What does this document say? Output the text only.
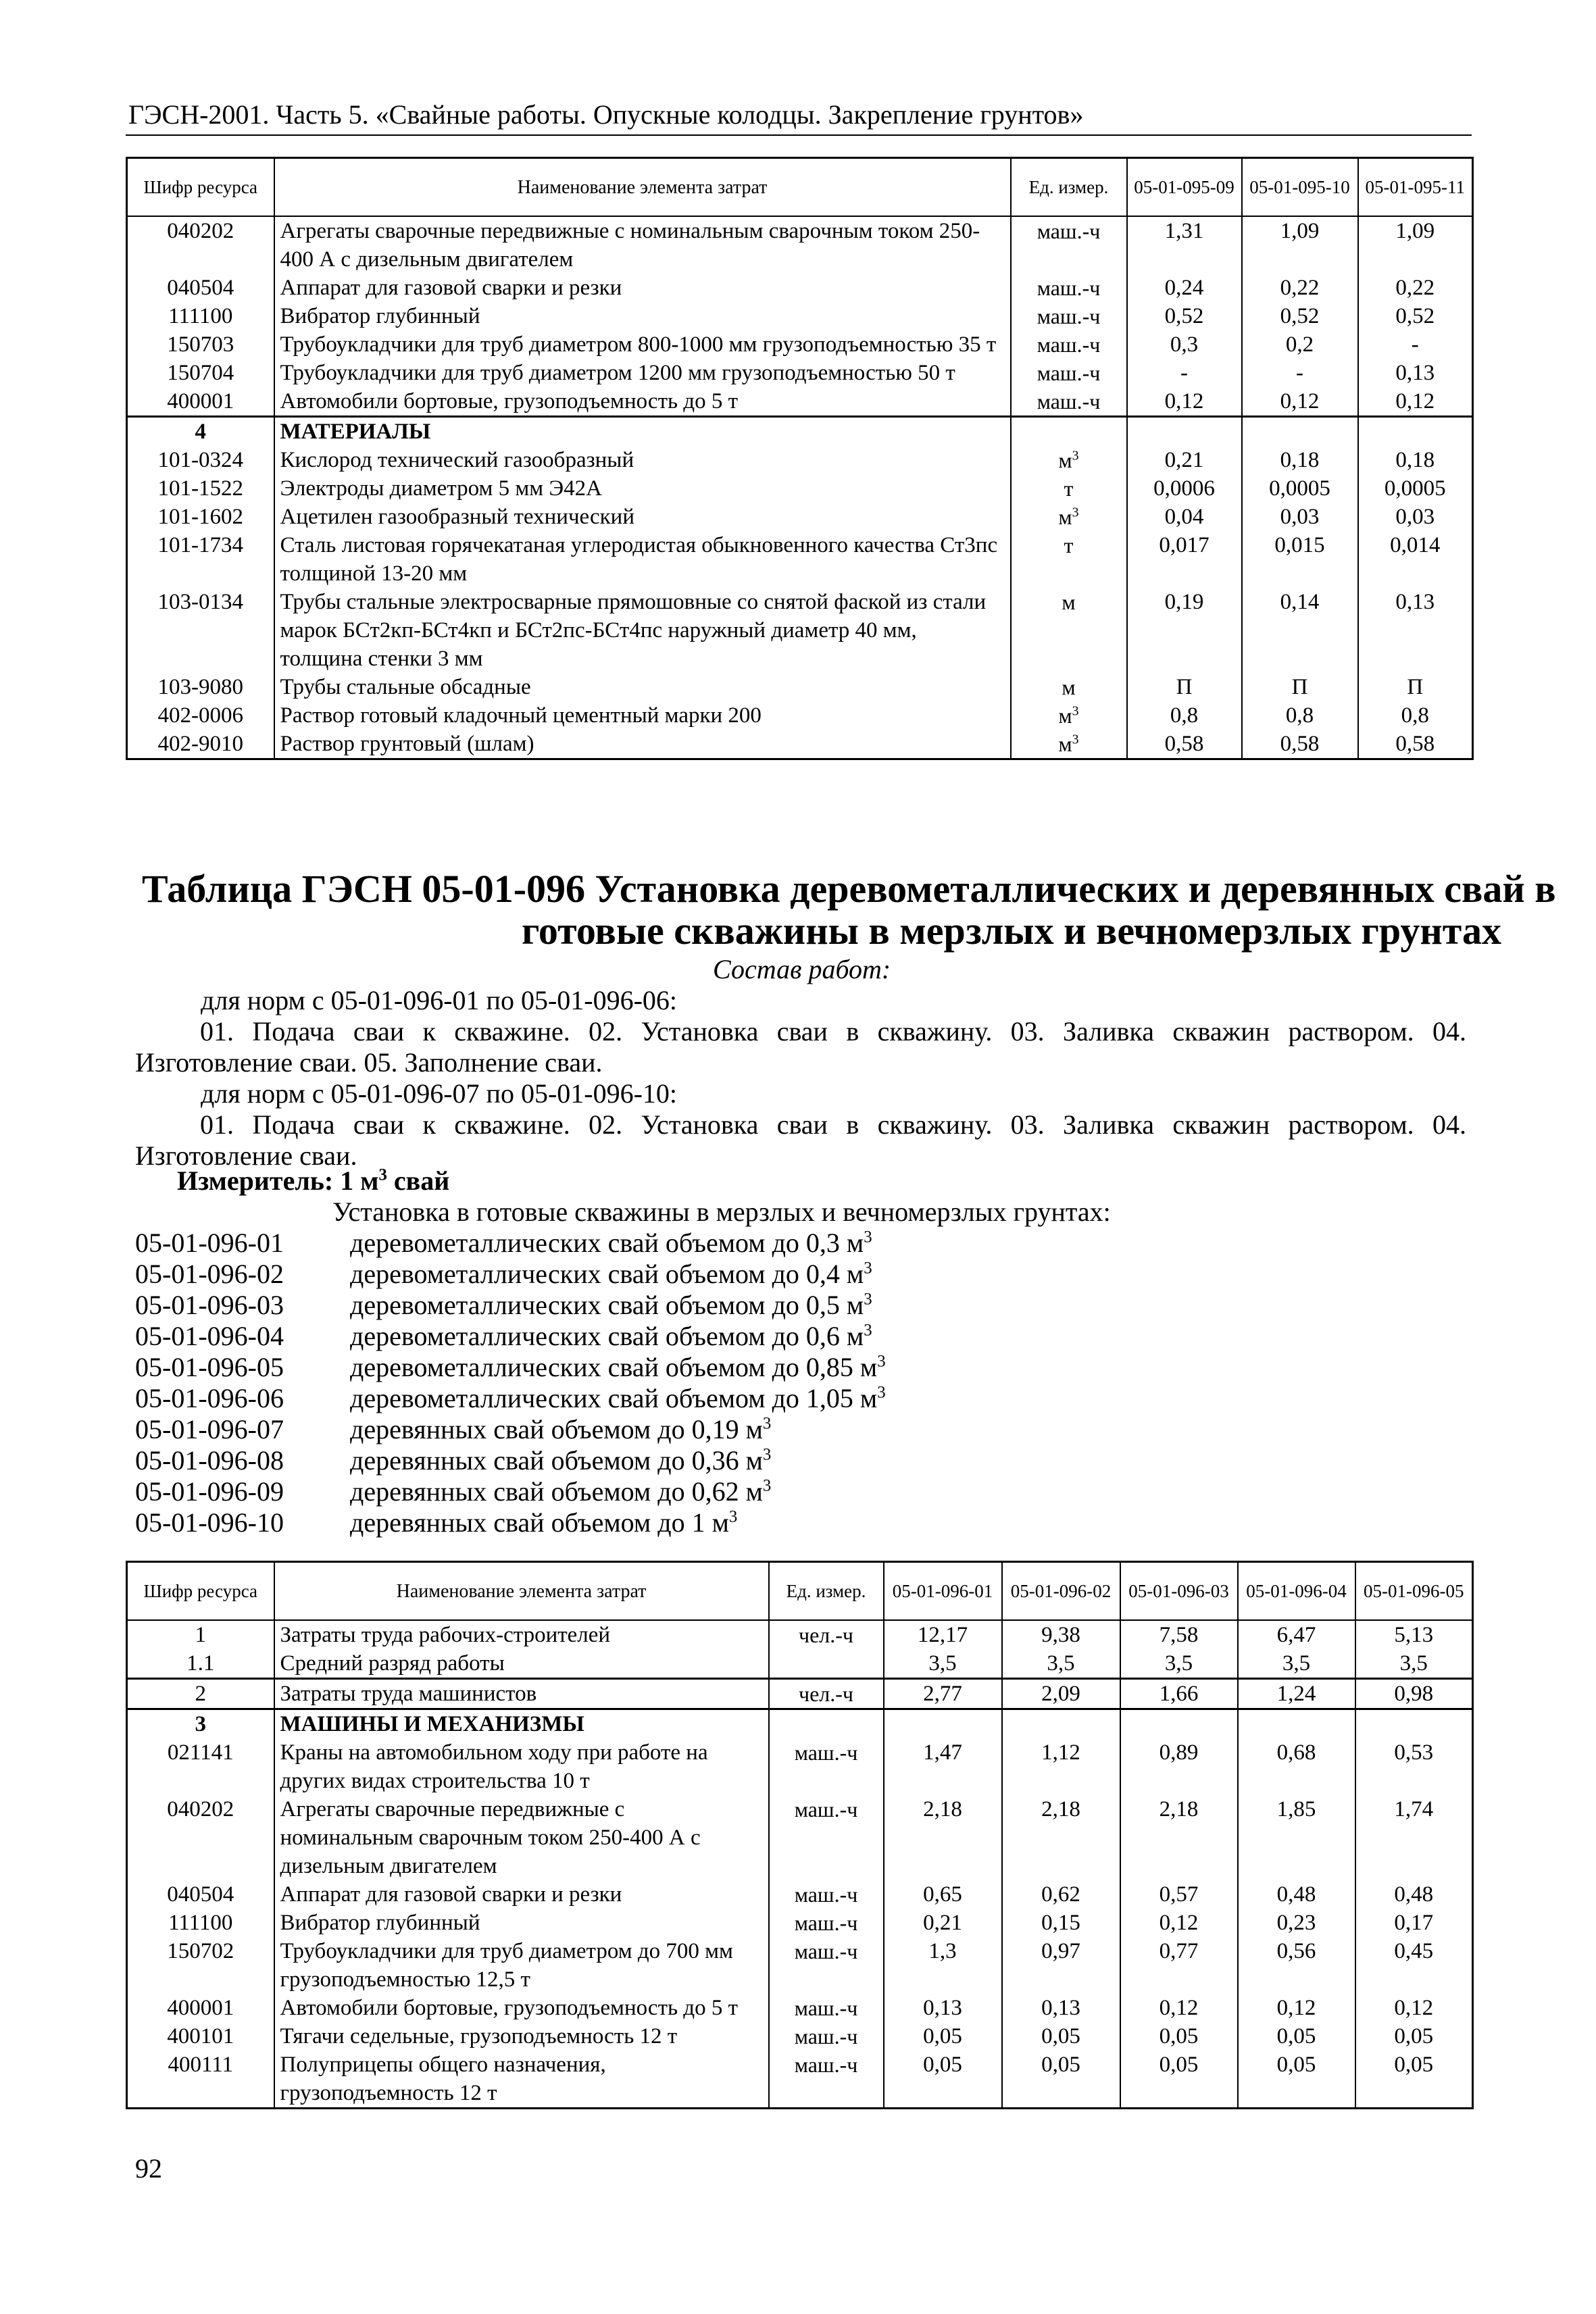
ГЭСН-2001. Часть 5. «Свайные работы. Опускные колодцы. Закрепление грунтов»
Шифр ресурса	Наименование элемента затрат	Ед. измер.	05-01-095-09	05-01-095-10	05-01-095-11
040202	Агрегаты сварочные передвижные с номинальным сварочным током 250-400 А с дизельным двигателем	маш.-ч	1,31	1,09	1,09
040504	Аппарат для газовой сварки и резки	маш.-ч	0,24	0,22	0,22
111100	Вибратор глубинный	маш.-ч	0,52	0,52	0,52
150703	Трубоукладчики для труб диаметром 800-1000 мм грузоподъемностью 35 т	маш.-ч	0,3	0,2	-
150704	Трубоукладчики для труб диаметром 1200 мм грузоподъемностью 50 т	маш.-ч	-	-	0,13
400001	Автомобили бортовые, грузоподъемность до 5 т	маш.-ч	0,12	0,12	0,12
4	МАТЕРИАЛЫ				
101-0324	Кислород технический газообразный	$м^3$	0,21	0,18	0,18
101-1522	Электроды диаметром 5 мм Э42А	т	0,0006	0,0005	0,0005
101-1602	Ацетилен газообразный технический	$м^3$	0,04	0,03	0,03
101-1734	Сталь листовая горячекатаная углеродистая обыкновенного качества Ст3пс толщиной 13-20 мм	т	0,017	0,015	0,014
103-0134	Трубы стальные электросварные прямошовные со снятой фаской из стали марок БСт2кп-БСт4кп и БСт2пс-БСт4пс наружный диаметр 40 мм, толщина стенки 3 мм	м	0,19	0,14	0,13
103-9080	Трубы стальные обсадные	м	П	П	П
402-0006	Раствор готовый кладочный цементный марки 200	$м^3$	0,8	0,8	0,8
402-9010	Раствор грунтовый (шлам)	$м^3$	0,58	0,58	0,58
Таблица ГЭСН 05-01-096 Установка деревометаллических и деревянных свай в
готовые скважины в мерзлых и вечномерзлых грунтах
Состав работ:
для норм с 05-01-096-01 по 05-01-096-06:
01. Подача сваи к скважине. 02. Установка сваи в скважину. 03. Заливка скважин раствором. 04. Изготовление сваи. 05. Заполнение сваи.
для норм с 05-01-096-07 по 05-01-096-10:
01. Подача сваи к скважине. 02. Установка сваи в скважину. 03. Заливка скважин раствором. 04. Изготовление сваи.
Измеритель: 1 $м^3$ свай
Установка в готовые скважины в мерзлых и вечномерзлых грунтах:
05-01-096-01 деревометаллических свай объемом до 0,3 $м^3$
05-01-096-02 деревометаллических свай объемом до 0,4 $м^3$
05-01-096-03 деревометаллических свай объемом до 0,5 $м^3$
05-01-096-04 деревометаллических свай объемом до 0,6 $м^3$
05-01-096-05 деревометаллических свай объемом до 0,85 $м^3$
05-01-096-06 деревометаллических свай объемом до 1,05 $м^3$
05-01-096-07 деревянных свай объемом до 0,19 $м^3$
05-01-096-08 деревянных свай объемом до 0,36 $м^3$
05-01-096-09 деревянных свай объемом до 0,62 $м^3$
05-01-096-10 деревянных свай объемом до 1 $м^3$
Шифр ресурса	Наименование элемента затрат	Ед. измер.	05-01-096-01	05-01-096-02	05-01-096-03	05-01-096-04	05-01-096-05
1	Затраты труда рабочих-строителей	чел.-ч	12,17	9,38	7,58	6,47	5,13
1.1	Средний разряд работы		3,5	3,5	3,5	3,5	3,5
2	Затраты труда машинистов	чел.-ч	2,77	2,09	1,66	1,24	0,98
3	МАШИНЫ И МЕХАНИЗМЫ						
021141	Краны на автомобильном ходу при работе на других видах строительства 10 т	маш.-ч	1,47	1,12	0,89	0,68	0,53
040202	Агрегаты сварочные передвижные с номинальным сварочным током 250-400 А с дизельным двигателем	маш.-ч	2,18	2,18	2,18	1,85	1,74
040504	Аппарат для газовой сварки и резки	маш.-ч	0,65	0,62	0,57	0,48	0,48
111100	Вибратор глубинный	маш.-ч	0,21	0,15	0,12	0,23	0,17
150702	Трубоукладчики для труб диаметром до 700 мм грузоподъемностью 12,5 т	маш.-ч	1,3	0,97	0,77	0,56	0,45
400001	Автомобили бортовые, грузоподъемность до 5 т	маш.-ч	0,13	0,13	0,12	0,12	0,12
400101	Тягачи седельные, грузоподъемность 12 т	маш.-ч	0,05	0,05	0,05	0,05	0,05
400111	Полуприцепы общего назначения, грузоподъемность 12 т	маш.-ч	0,05	0,05	0,05	0,05	0,05
92
